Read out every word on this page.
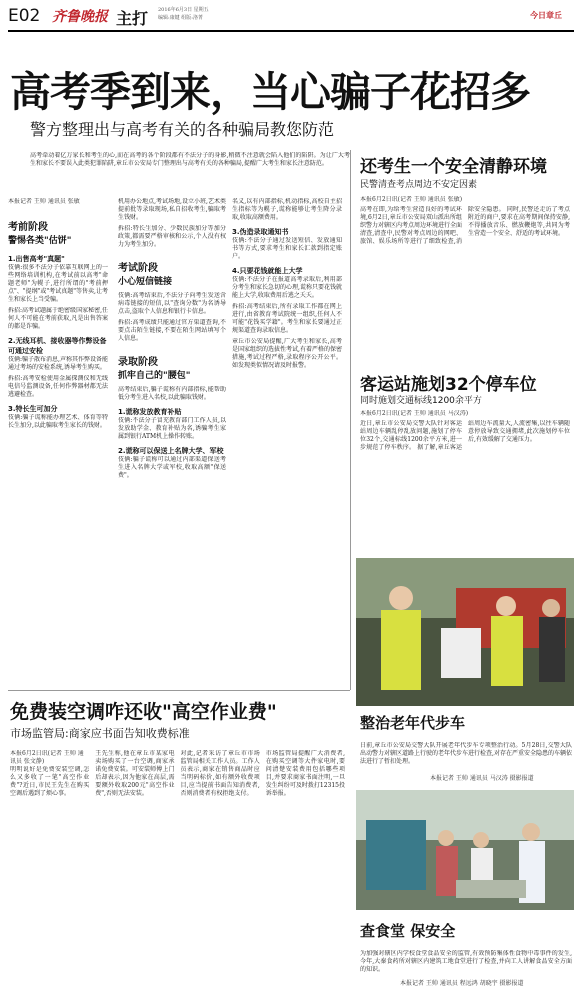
E02 齐鲁晚报 主打 2016年6月3日 星期五
编辑:康键 组版:洛菁	今日章丘
高考季到来，当心骗子花招多
警方整理出与高考有关的各种骗局教您防范
高考牵动着亿万家长和考生的心,而在高考的各个阶段都有不法分子的身影,稍微不注意就会陷入他们的陷阱。为让广大考生和家长不要误入此类犯罪陷阱,章丘市公安局专门整理出与高考有关的各种骗局,提醒广大考生和家长注意防范。
本报记者 王帅 通讯员 张敏
考前阶段
警惕各类"估饼"
1.出售高考"真题"
伎俩:很多不法分子依靠互联网上的一些网络培训机构,在考试前以高考"命题老师"为幌子,进行所谓的"考前押点"、"提纲"或"考试真题"等售卖,让考生和家长上当受骗。
拆招:高考试题属于绝密级国家秘密,任何人不可能在考前获取,凡是出售答案的都是诈骗。
2.无线耳机、接收器等作弊设备可通过安检
伎俩:骗子散布消息,声称其作弊设备能通过考场的安检系统,诱导考生购买。
拆招:高考安检使用金属探测仪和无线电信号监测设备,任何作弊器材都无法逃避检查。
3.特长生可加分
伎俩:骗子谎称能办理艺术、体育等特长生加分,以此骗取考生家长的钱财。
机用办公地点,考试场地,设立小班,艺术类提前批等录取现场,私自招收考生,骗取考生钱财。
拆招:特长生加分、少数民族加分等加分政策,都需要严格审核和公示,个人没有权力为考生加分。
考试阶段
小心短信链接
伎俩:高考结束后,不法分子向考生发送含病毒链接的短信,以"查询分数"为名诱导点击,盗取个人信息和银行卡信息。
拆招:高考成绩只能通过官方渠道查询,不要点击陌生链接,不要在陌生网站填写个人信息。
录取阶段
抓牢自己的"腰包"
高考结束后,骗子谎称有内部指标,能帮助低分考生进入名校,以此骗取钱财。
1.谎称发放教育补贴
伎俩:不法分子冒充教育部门工作人员,以发放助学金、教育补贴为名,诱骗考生家属到银行ATM机上操作转账。
2.谎称可以保送上名牌大学、军校
伎俩:骗子谎称可以通过内部渠道保送考生进入名牌大学或军校,收取高额"保送费"。
名义,以有内部指标,机动指标,高校自主招生指标等为幌子,谎称能够让考生降分录取,收取高额费用。
3.伪造录取通知书
伎俩:不法分子通过发送短信、发放通知书等方式,要求考生和家长汇款到指定账户。
4.只要花钱就能上大学
伎俩:不法分子在报道高考录取后,利用部分考生和家长急切的心理,谎称只要花钱就能上大学,收取费用后逃之夭夭。
拆招:高考结束后,所有录取工作都在网上进行,由省教育考试院统一组织,任何人不可能"花钱买学籍"。考生和家长要通过正规渠道查询录取信息。
章丘市公安局提醒,广大考生和家长,高考是国家组织的选拔性考试,有着严格的保密措施,考试过程严格,录取程序公开公平。如发现类似情况请及时报警。
还考生一个安全清静环境
民警清查考点周边不安定因素
本报6月2日讯(记者 王帅 通讯员 张敏)
高考在即,为给考生营造良好的考试环境,6月2日,章丘市公安局双山派出所组织警力对辖区内考点周边环境进行全面清查,清查中,民警对考点周边的网吧、旅馆、娱乐场所等进行了细致检查,消除安全隐患。 同时,民警还走访了考点附近的商户,要求在高考期间保持安静,不得播放音乐、燃放鞭炮等,共同为考生营造一个安全、舒适的考试环境。
客运站施划32个停车位
同时施划交通标线1200余平方
本报6月2日讯(记者 王帅 通讯员 马汉涛)
近日,章丘市公安局交警大队针对客运站周边车辆乱停乱放问题,施划了停车位32个,交通标线1200余平方米,进一步规范了停车秩序。 据了解,章丘客运站周边车流量大,人流密集,以往车辆随意停放导致交通拥堵,此次施划停车位后,有效缓解了交通压力。
整治老年代步车
日前,章丘市公安局交警大队开展老年代步车专项整治行动。5月28日,交警大队出动警力对辖区道路上行驶的老年代步车进行检查,对存在严重安全隐患的车辆依法进行了暂扣处理。
本报记者 王帅 通讯员 马汉涛 摄影报道
免费装空调咋还收"高空作业费"
市场监管局:商家应书面告知收费标准
本报6月2日讯(记者 王帅 通讯员 张文静)
明明说好是免费安装空调,怎么又多收了一笔"高空作业费"?近日,市民王先生在购买空调后遇到了烦心事。
王先生称,他在章丘市某家电卖场购买了一台空调,商家承诺免费安装。可安装师傅上门后却表示,因为他家在高层,需要额外收取200元"高空作业费",否则无法安装。
对此,记者采访了章丘市市场监管局相关工作人员。工作人员表示,商家在销售商品时应当明码标价,如有额外收费项目,应当提前书面告知消费者,否则消费者有权拒绝支付。
市场监管局提醒广大消费者,在购买空调等大件家电时,要问清楚安装费用包括哪些项目,并要求商家书面注明,一旦发生纠纷可及时拨打12315投诉举报。
查食堂 保安全
为加强对辖区内学校食堂食品安全的监管,有效预防集体性食物中毒事件的发生,今年,大秦食药所对辖区内建筑工地食堂进行了检查,并向工人讲解食品安全方面的知识。
本报记者 王帅 通讯员 程远鸿 胡晓宇 摄影报道
